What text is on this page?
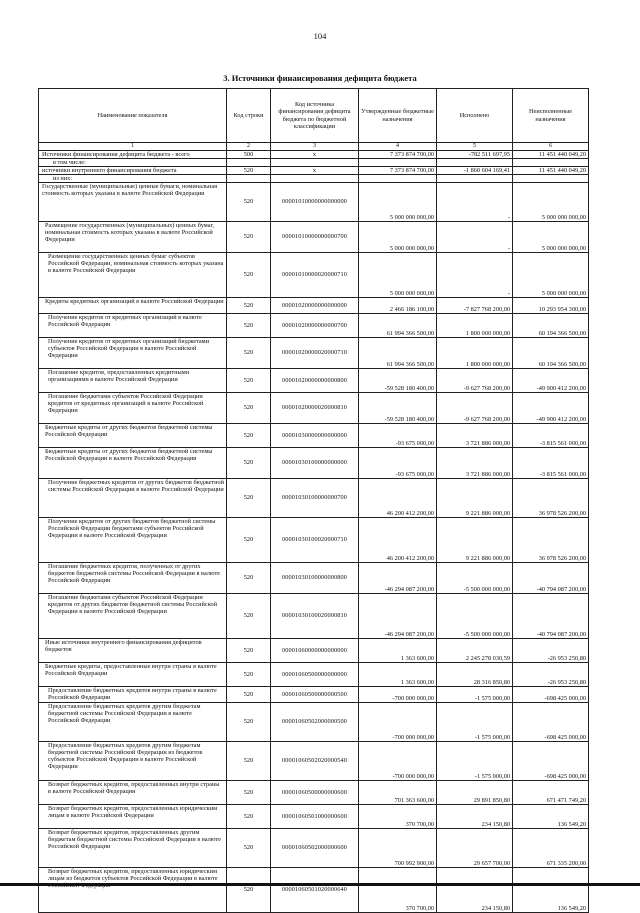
104
3. Источники финансирования дефицита бюджета
Наименование показателя	Код строки	Код источника финансирования дефицита бюджета по бюджетной классификации	Утвержденные бюджетные назначения	Исполнено	Неисполненные назначения
1	2	3	4	5	6
Источники финансирования дефицита бюджета - всего	500	x	7 373 874 700,00	-782 511 697,95	11 451 440 049,20
в том числе:					
источники внутреннего финансирования бюджета	520	x	7 373 874 700,00	-1 860 604 169,41	11 451 440 049,20
из них:					
Государственные (муниципальные) ценные бумаги, номинальная стоимость которых указана в валюте Российской Федерации	520	00001010000000000000	5 000 000 000,00	-	5 000 000 000,00
Размещение государственных (муниципальных) ценных бумаг, номинальная стоимость которых указана в валюте Российской Федерации	520	00001010000000000700	5 000 000 000,00	-	5 000 000 000,00
Размещение государственных ценных бумаг субъектов Российской Федерации, номинальная стоимость которых указана в валюте Российской Федерации	520	00001010000020000710	5 000 000 000,00	-	5 000 000 000,00
Кредиты кредитных организаций в валюте Российской Федерации	520	00001020000000000000	2 466 186 100,00	-7 827 768 200,00	10 293 954 300,00
Получение кредитов от кредитных организаций в валюте Российской Федерации	520	00001020000000000700	61 994 366 500,00	1 800 000 000,00	60 194 366 500,00
Получение кредитов от кредитных организаций бюджетами субъектов Российской Федерации в валюте Российской Федерации	520	00001020000020000710	61 994 366 500,00	1 800 000 000,00	60 194 366 500,00
Погашение кредитов, предоставленных кредитными организациями в валюте Российской Федерации	520	00001020000000000800	-59 528 180 400,00	-9 627 768 200,00	-49 900 412 200,00
Погашение бюджетами субъектов Российской Федерации кредитов от кредитных организаций в валюте Российской Федерации	520	00001020000020000810	-59 528 180 400,00	-9 627 768 200,00	-49 900 412 200,00
Бюджетные кредиты от других бюджетов бюджетной системы Российской Федерации	520	00001030000000000000	-93 675 000,00	3 721 886 000,00	-3 815 561 000,00
Бюджетные кредиты от других бюджетов бюджетной системы Российской Федерации в валюте Российской Федерации	520	00001030100000000000	-93 675 000,00	3 721 886 000,00	-3 815 561 000,00
Получение бюджетных кредитов от других бюджетов бюджетной системы Российской Федерации в валюте Российской Федерации	520	00001030100000000700	46 200 412 200,00	9 221 886 000,00	36 978 526 200,00
Получение кредитов от других бюджетов бюджетной системы Российской Федерации бюджетами субъектов Российской Федерации в валюте Российской Федерации	520	00001030100020000710	46 200 412 200,00	9 221 886 000,00	36 978 526 200,00
Погашение бюджетных кредитов, полученных от других бюджетов бюджетной системы Российской Федерации в валюте Российской Федерации	520	00001030100000000800	-46 294 087 200,00	-5 500 000 000,00	-40 794 087 200,00
Погашение бюджетами субъектов Российской Федерации кредитов от других бюджетов бюджетной системы Российской Федерации в валюте Российской Федерации	520	00001030100020000810	-46 294 087 200,00	-5 500 000 000,00	-40 794 087 200,00
Иные источники внутреннего финансирования дефицитов бюджетов	520	00001060000000000000	1 363 600,00	2 245 278 030,59	-26 953 250,80
Бюджетные кредиты, предоставленные внутри страны в валюте Российской Федерации	520	00001060500000000000	1 363 600,00	28 316 850,80	-26 953 250,80
Предоставление бюджетных кредитов внутри страны в валюте Российской Федерации	520	00001060500000000500	-700 000 000,00	-1 575 000,00	-698 425 000,00
Предоставление бюджетных кредитов другим бюджетам бюджетной системы Российской Федерации в валюте Российской Федерации	520	00001060502000000500	-700 000 000,00	-1 575 000,00	-698 425 000,00
Предоставление бюджетных кредитов другим бюджетам бюджетной системы Российской Федерации из бюджетов субъектов Российской Федерации в валюте Российской Федерации	520	00001060502020000540	-700 000 000,00	-1 575 000,00	-698 425 000,00
Возврат бюджетных кредитов, предоставленных внутри страны в валюте Российской Федерации	520	00001060500000000600	701 363 600,00	29 891 850,80	671 471 749,20
Возврат бюджетных кредитов, предоставленных юридическим лицам в валюте Российской Федерации	520	00001060501000000600	370 700,00	234 150,80	136 549,20
Возврат бюджетных кредитов, предоставленных другим бюджетам бюджетной системы Российской Федерации в валюте Российской Федерации	520	00001060502000000600	700 992 900,00	29 657 700,00	671 335 200,00
Возврат бюджетных кредитов, предоставленных юридическим лицам из бюджетов субъектов Российской Федерации в валюте	520	00001060501020000640	370 700,00	234 150,80	136 549,20
